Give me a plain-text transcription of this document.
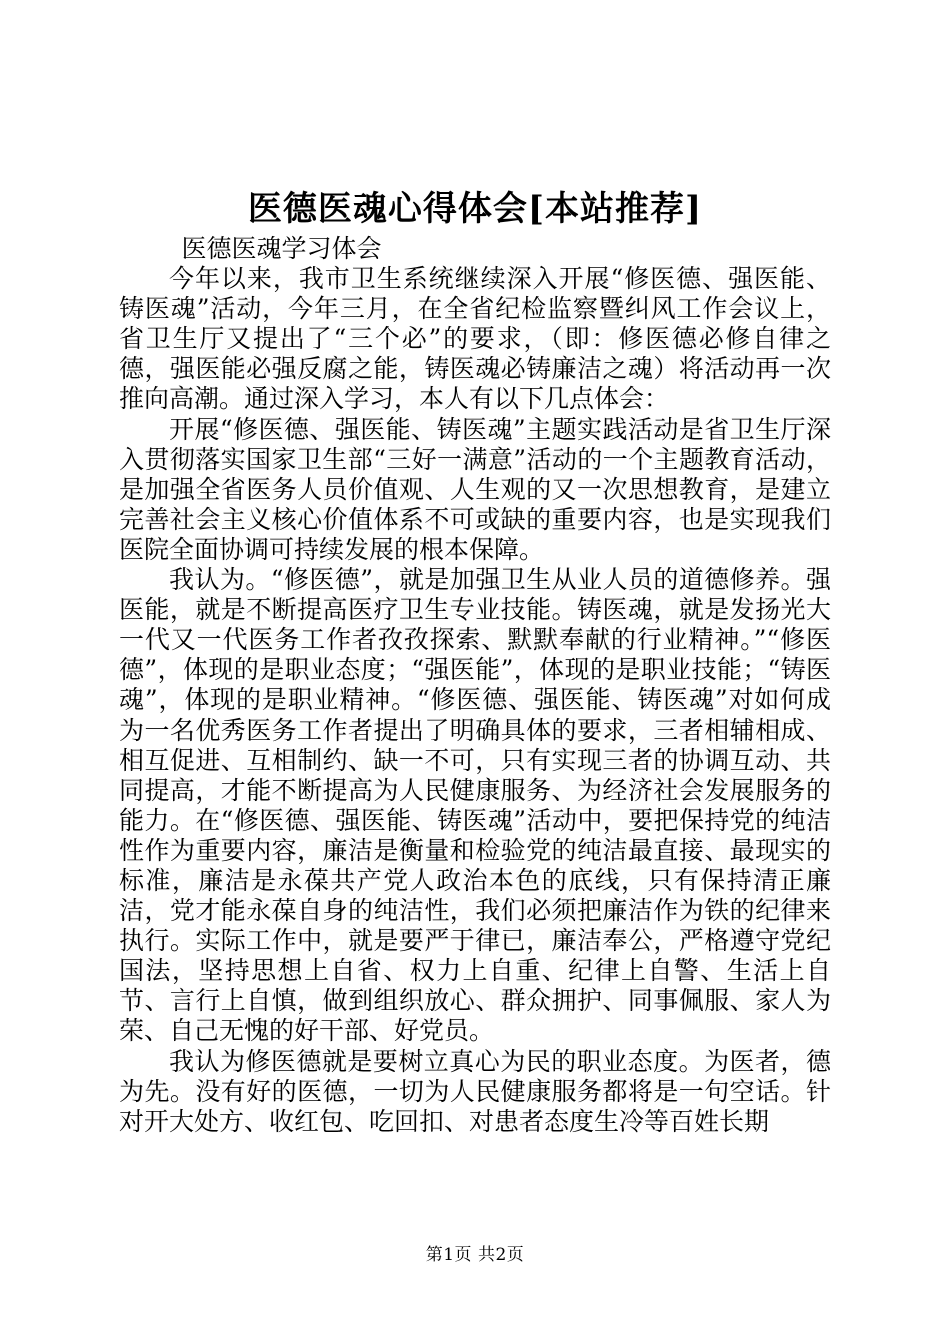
医德医魂心得体会[本站推荐]

医德医魂学习体会

今年以来，我市卫生系统继续深入开展“修医德、强医能、铸医魂”活动，今年三月，在全省纪检监察暨纠风工作会议上，省卫生厅又提出了“三个必”的要求，（即：修医德必修自律之德，强医能必强反腐之能，铸医魂必铸廉洁之魂）将活动再一次推向高潮。通过深入学习，本人有以下几点体会：

开展“修医德、强医能、铸医魂”主题实践活动是省卫生厅深入贯彻落实国家卫生部“三好一满意”活动的一个主题教育活动，是加强全省医务人员价值观、人生观的又一次思想教育，是建立完善社会主义核心价值体系不可或缺的重要内容，也是实现我们医院全面协调可持续发展的根本保障。

我认为。“修医德”，就是加强卫生从业人员的道德修养。强医能，就是不断提高医疗卫生专业技能。铸医魂，就是发扬光大一代又一代医务工作者孜孜探索、默默奉献的行业精神。”“修医德”，体现的是职业态度；“强医能”，体现的是职业技能；“铸医魂”，体现的是职业精神。“修医德、强医能、铸医魂”对如何成为一名优秀医务工作者提出了明确具体的要求，三者相辅相成、相互促进、互相制约、缺一不可，只有实现三者的协调互动、共同提高，才能不断提高为人民健康服务、为经济社会发展服务的能力。在“修医德、强医能、铸医魂”活动中，要把保持党的纯洁性作为重要内容，廉洁是衡量和检验党的纯洁最直接、最现实的标准，廉洁是永葆共产党人政治本色的底线，只有保持清正廉洁，党才能永葆自身的纯洁性，我们必须把廉洁作为铁的纪律来执行。实际工作中，就是要严于律已，廉洁奉公，严格遵守党纪国法，坚持思想上自省、权力上自重、纪律上自警、生活上自节、言行上自慎，做到组织放心、群众拥护、同事佩服、家人为荣、自己无愧的好干部、好党员。

我认为修医德就是要树立真心为民的职业态度。为医者，德为先。没有好的医德，一切为人民健康服务都将是一句空话。针对开大处方、收红包、吃回扣、对患者态度生冷等百姓长期

第1页 共2页
